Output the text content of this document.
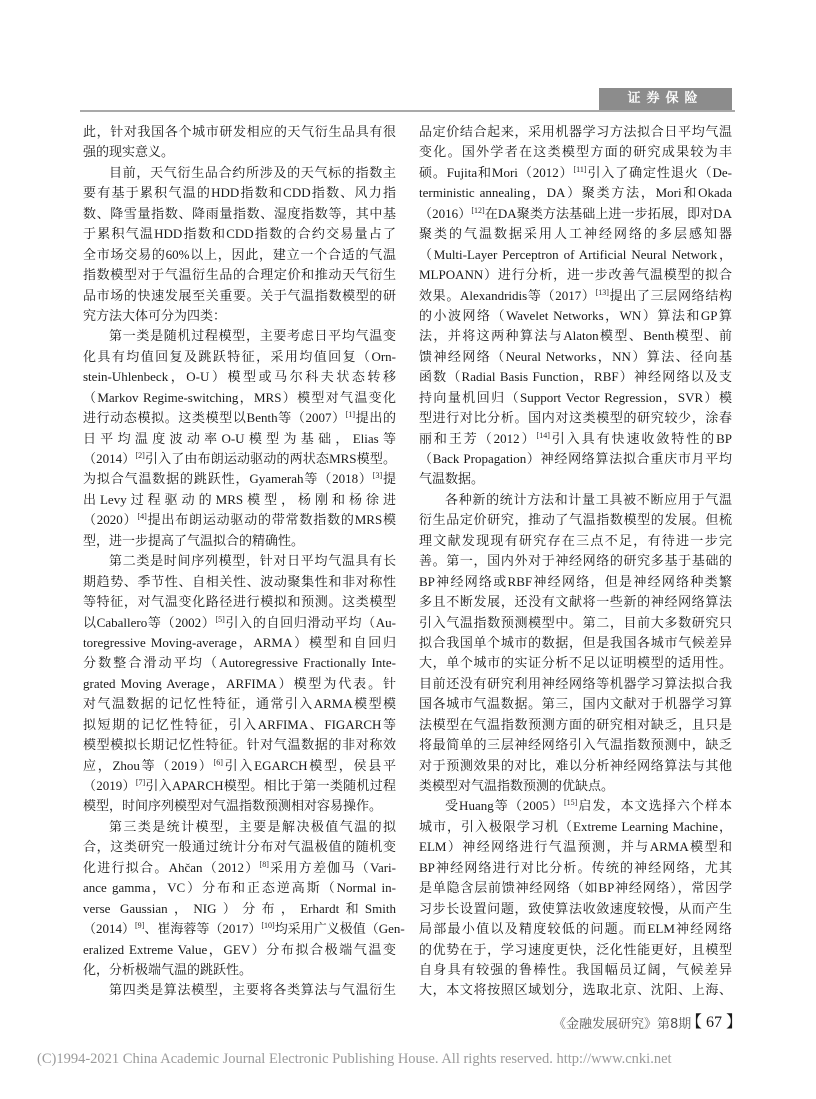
证券保险
此，针对我国各个城市研发相应的天气衍生品具有很
强的现实意义。
目前，天气衍生品合约所涉及的天气标的指数主
要有基于累积气温的HDD指数和CDD指数、风力指
数、降雪量指数、降雨量指数、湿度指数等，其中基
于累积气温HDD指数和CDD指数的合约交易量占了
全市场交易的60%以上，因此，建立一个合适的气温
指数模型对于气温衍生品的合理定价和推动天气衍生
品市场的快速发展至关重要。关于气温指数模型的研
究方法大体可分为四类：
第一类是随机过程模型，主要考虑日平均气温变
化具有均值回复及跳跃特征，采用均值回复（Orn-
stein-Uhlenbeck，O-U）模型或马尔科夫状态转移
（Markov Regime-switching，MRS）模型对气温变化
进行动态模拟。这类模型以Benth等（2007）[1]提出的
日平均温度波动率O-U模型为基础，Elias等
（2014）[2]引入了由布朗运动驱动的两状态MRS模型。
为拟合气温数据的跳跃性，Gyamerah等（2018）[3]提
出Levy过程驱动的MRS模型，杨刚和杨徐进
（2020）[4]提出布朗运动驱动的带常数指数的MRS模
型，进一步提高了气温拟合的精确性。
第二类是时间序列模型，针对日平均气温具有长
期趋势、季节性、自相关性、波动聚集性和非对称性
等特征，对气温变化路径进行模拟和预测。这类模型
以Caballero等（2002）[5]引入的自回归滑动平均（Au-
toregressive Moving-average，ARMA）模型和自回归
分数整合滑动平均（Autoregressive Fractionally Inte-
grated Moving Average，ARFIMA）模型为代表。针
对气温数据的记忆性特征，通常引入ARMA模型模
拟短期的记忆性特征，引入ARFIMA、FIGARCH等
模型模拟长期记忆性特征。针对气温数据的非对称效
应，Zhou等（2019）[6]引入EGARCH模型，侯县平
（2019）[7]引入APARCH模型。相比于第一类随机过程
模型，时间序列模型对气温指数预测相对容易操作。
第三类是统计模型，主要是解决极值气温的拟
合，这类研究一般通过统计分布对气温极值的随机变
化进行拟合。Ahčan（2012）[8]采用方差伽马（Vari-
ance gamma，VC）分布和正态逆高斯（Normal in-
verse Gaussian，NIG）分布，Erhardt和Smith
（2014）[9]、崔海蓉等（2017）[10]均采用广义极值（Gen-
eralized Extreme Value，GEV）分布拟合极端气温变
化，分析极端气温的跳跃性。
第四类是算法模型，主要将各类算法与气温衍生
品定价结合起来，采用机器学习方法拟合日平均气温
变化。国外学者在这类模型方面的研究成果较为丰
硕。Fujita和Mori（2012）[11]引入了确定性退火（De-
terministic annealing，DA）聚类方法，Mori和Okada
（2016）[12]在DA聚类方法基础上进一步拓展，即对DA
聚类的气温数据采用人工神经网络的多层感知器
（Multi-Layer Perceptron of Artificial Neural Network，
MLPOANN）进行分析，进一步改善气温模型的拟合
效果。Alexandridis等（2017）[13]提出了三层网络结构
的小波网络（Wavelet Networks，WN）算法和GP算
法，并将这两种算法与Alaton模型、Benth模型、前
馈神经网络（Neural Networks，NN）算法、径向基
函数（Radial Basis Function，RBF）神经网络以及支
持向量机回归（Support Vector Regression，SVR）模
型进行对比分析。国内对这类模型的研究较少，涂春
丽和王芳（2012）[14]引入具有快速收敛特性的BP
（Back Propagation）神经网络算法拟合重庆市月平均
气温数据。
各种新的统计方法和计量工具被不断应用于气温
衍生品定价研究，推动了气温指数模型的发展。但梳
理文献发现现有研究存在三点不足，有待进一步完
善。第一，国内外对于神经网络的研究多基于基础的
BP神经网络或RBF神经网络，但是神经网络种类繁
多且不断发展，还没有文献将一些新的神经网络算法
引入气温指数预测模型中。第二，目前大多数研究只
拟合我国单个城市的数据，但是我国各城市气候差异
大，单个城市的实证分析不足以证明模型的适用性。
目前还没有研究利用神经网络等机器学习算法拟合我
国各城市气温数据。第三，国内文献对于机器学习算
法模型在气温指数预测方面的研究相对缺乏，且只是
将最简单的三层神经网络引入气温指数预测中，缺乏
对于预测效果的对比，难以分析神经网络算法与其他
类模型对气温指数预测的优缺点。
受Huang等（2005）[15]启发，本文选择六个样本
城市，引入极限学习机（Extreme Learning Machine，
ELM）神经网络进行气温预测，并与ARMA模型和
BP神经网络进行对比分析。传统的神经网络，尤其
是单隐含层前馈神经网络（如BP神经网络），常因学
习步长设置问题，致使算法收敛速度较慢，从而产生
局部最小值以及精度较低的问题。而ELM神经网络
的优势在于，学习速度更快，泛化性能更好，且模型
自身具有较强的鲁棒性。我国幅员辽阔，气候差异
大，本文将按照区域划分，选取北京、沈阳、上海、
《金融发展研究》第8期
【 67 】
(C)1994-2021 China Academic Journal Electronic Publishing House. All rights reserved. http://www.cnki.net
